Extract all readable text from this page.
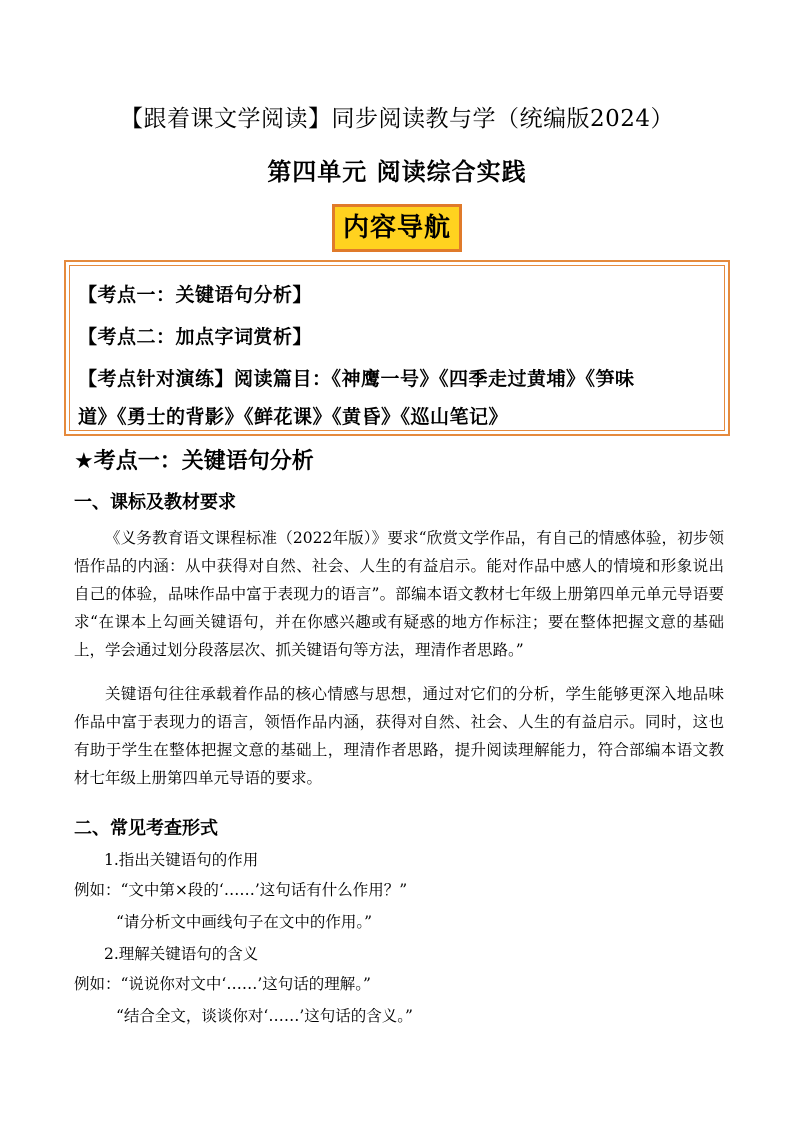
【跟着课文学阅读】同步阅读教与学（统编版2024）
第四单元 阅读综合实践
内容导航
【考点一：关键语句分析】
【考点二：加点字词赏析】
【考点针对演练】阅读篇目：《神鹰一号》《四季走过黄埔》《笋味
道》《勇士的背影》《鲜花课》《黄昏》《巡山笔记》
★考点一：关键语句分析
一、课标及教材要求
《义务教育语文课程标准（2022年版）》要求“欣赏文学作品，有自己的情感体验，初步领悟作品的内涵：从中获得对自然、社会、人生的有益启示。能对作品中感人的情境和形象说出自己的体验，品味作品中富于表现力的语言”。部编本语文教材七年级上册第四单元单元导语要求“在课本上勾画关键语句，并在你感兴趣或有疑惑的地方作标注；要在整体把握文意的基础上，学会通过划分段落层次、抓关键语句等方法，理清作者思路。”
关键语句往往承载着作品的核心情感与思想，通过对它们的分析，学生能够更深入地品味作品中富于表现力的语言，领悟作品内涵，获得对自然、社会、人生的有益启示。同时，这也有助于学生在整体把握文意的基础上，理清作者思路，提升阅读理解能力，符合部编本语文教材七年级上册第四单元导语的要求。
二、常见考查形式
1.指出关键语句的作用
例如：“文中第×段的‘……’这句话有什么作用？”
“请分析文中画线句子在文中的作用。”
2.理解关键语句的含义
例如：“说说你对文中‘……’这句话的理解。”
“结合全文，谈谈你对‘……’这句话的含义。”
